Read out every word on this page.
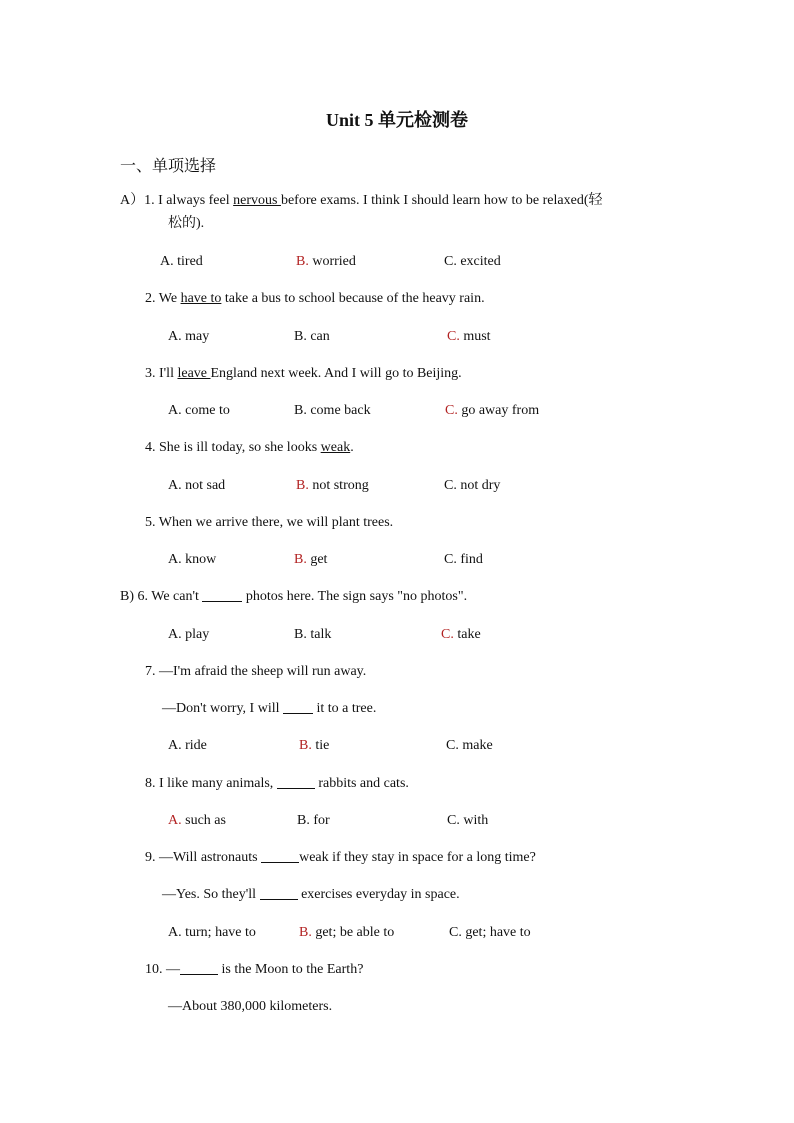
Unit 5 单元检测卷
一、单项选择
A）1. I always feel nervous before exams. I think I should learn how to be relaxed(轻
松的).
A. tired	B. worried	C. excited
2. We have to take a bus to school because of the heavy rain.
A. may	B. can	C. must
3. I'll leave England next week. And I will go to Beijing.
A. come to	B. come back	C. go away from
4. She is ill today, so she looks weak.
A. not sad	B. not strong	C. not dry
5. When we arrive there, we will plant trees.
A. know	B. get	C. find
B) 6. We can't	photos here. The sign says "no photos".
A. play	B. talk	C. take
7. —I'm afraid the sheep will run away.
—Don't worry, I will  it to a tree.
A. ride	B. tie	C. make
8. I like many animals,	rabbits and cats.
A. such as	B. for	C. with
9. —Will astronauts	weak if they stay in space for a long time?
—Yes. So they'll	exercises everyday in space.
A. turn; have to	B. get; be able to	C. get; have to
10. —	is the Moon to the Earth?
—About 380,000 kilometers.
